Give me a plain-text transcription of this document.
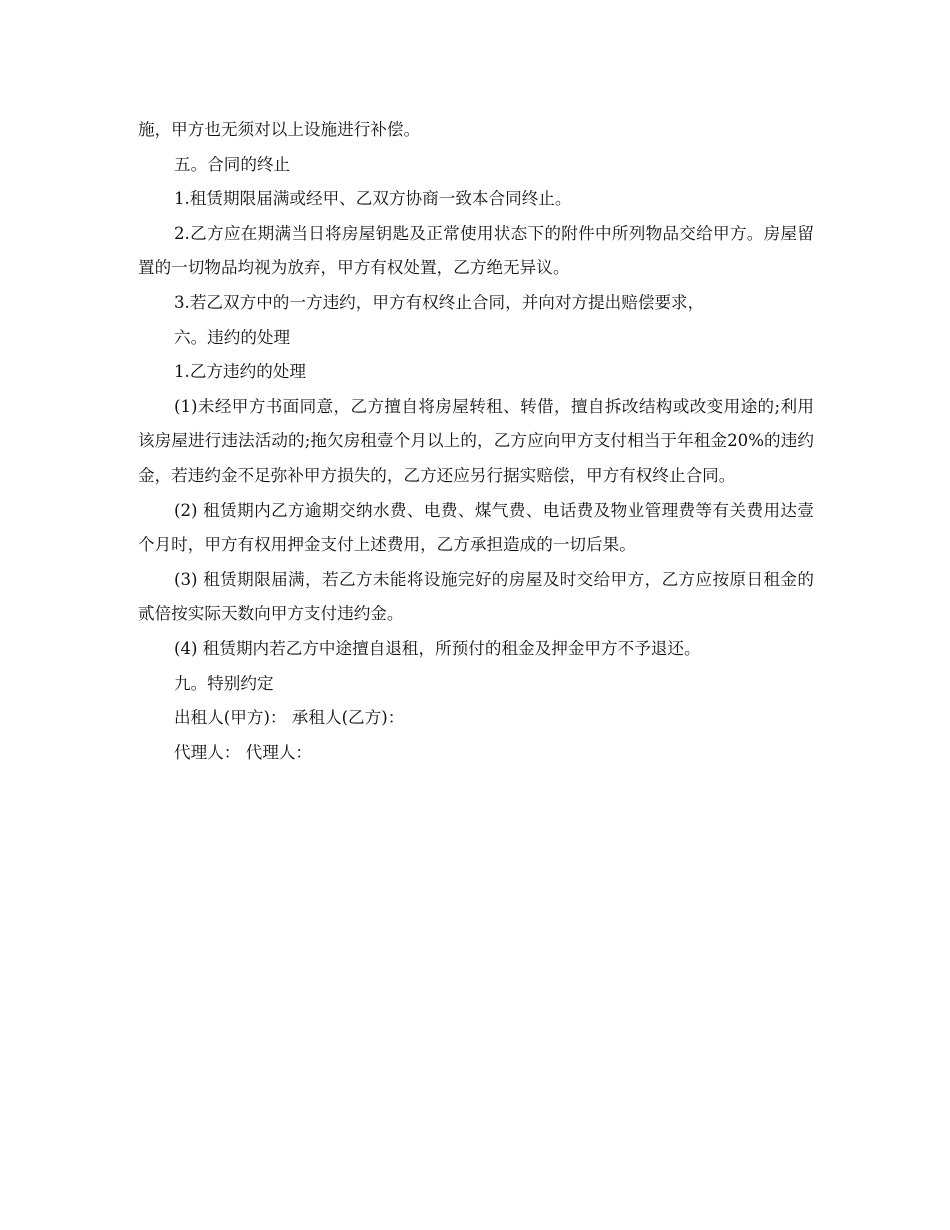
施，甲方也无须对以上设施进行补偿。

五。合同的终止

1.租赁期限届满或经甲、乙双方协商一致本合同终止。

2.乙方应在期满当日将房屋钥匙及正常使用状态下的附件中所列物品交给甲方。房屋留置的一切物品均视为放弃，甲方有权处置，乙方绝无异议。

3.若乙双方中的一方违约，甲方有权终止合同，并向对方提出赔偿要求，

六。违约的处理

1.乙方违约的处理

(1)未经甲方书面同意，乙方擅自将房屋转租、转借，擅自拆改结构或改变用途的;利用该房屋进行违法活动的;拖欠房租壹个月以上的，乙方应向甲方支付相当于年租金20%的违约金，若违约金不足弥补甲方损失的，乙方还应另行据实赔偿，甲方有权终止合同。

(2) 租赁期内乙方逾期交纳水费、电费、煤气费、电话费及物业管理费等有关费用达壹个月时，甲方有权用押金支付上述费用，乙方承担造成的一切后果。

(3) 租赁期限届满，若乙方未能将设施完好的房屋及时交给甲方，乙方应按原日租金的贰倍按实际天数向甲方支付违约金。

(4) 租赁期内若乙方中途擅自退租，所预付的租金及押金甲方不予退还。

九。特别约定

出租人(甲方)： 承租人(乙方)：

代理人： 代理人：
